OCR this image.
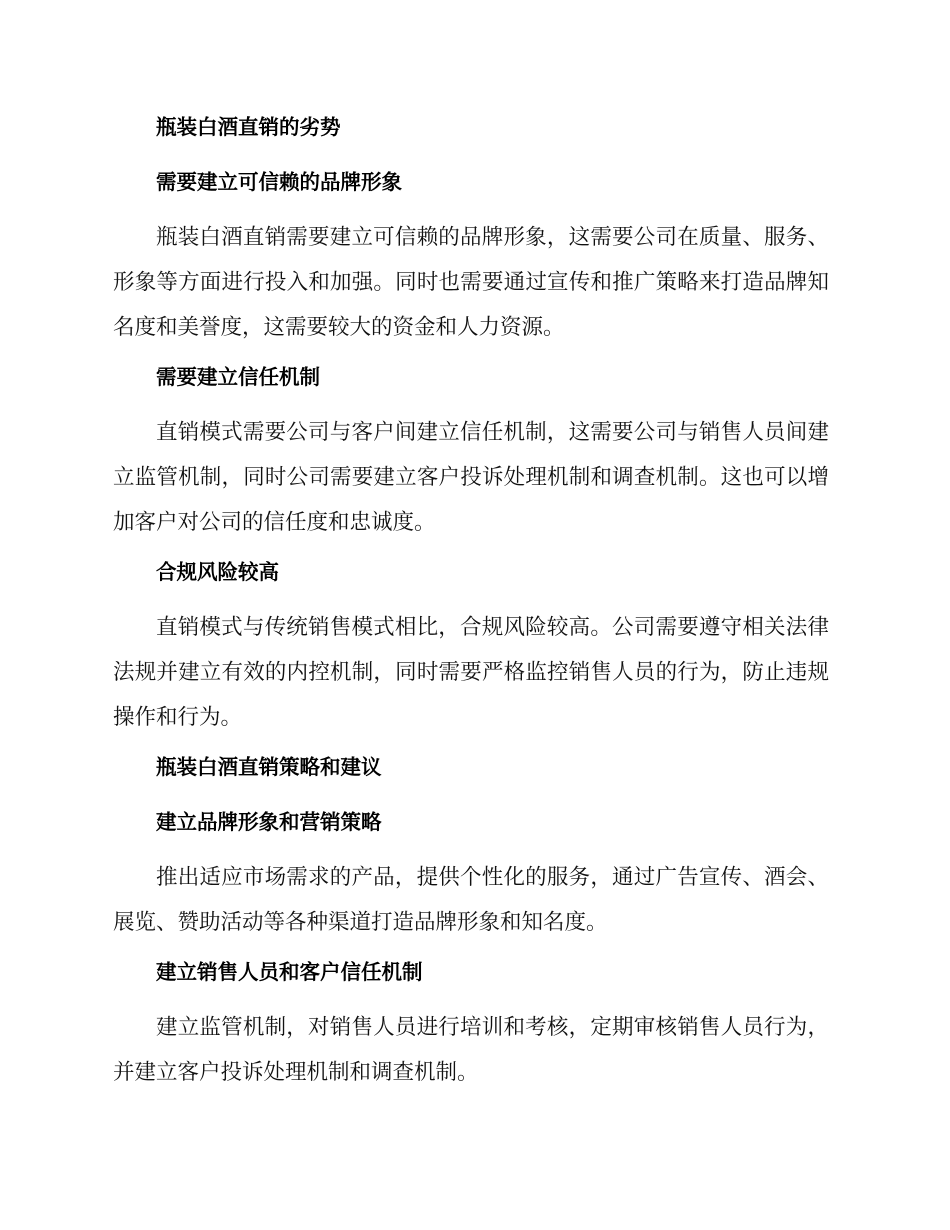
瓶装白酒直销的劣势
需要建立可信赖的品牌形象
瓶装白酒直销需要建立可信赖的品牌形象，这需要公司在质量、服务、
形象等方面进行投入和加强。同时也需要通过宣传和推广策略来打造品牌知
名度和美誉度，这需要较大的资金和人力资源。
需要建立信任机制
直销模式需要公司与客户间建立信任机制，这需要公司与销售人员间建
立监管机制，同时公司需要建立客户投诉处理机制和调查机制。这也可以增
加客户对公司的信任度和忠诚度。
合规风险较高
直销模式与传统销售模式相比，合规风险较高。公司需要遵守相关法律
法规并建立有效的内控机制，同时需要严格监控销售人员的行为，防止违规
操作和行为。
瓶装白酒直销策略和建议
建立品牌形象和营销策略
推出适应市场需求的产品，提供个性化的服务，通过广告宣传、酒会、
展览、赞助活动等各种渠道打造品牌形象和知名度。
建立销售人员和客户信任机制
建立监管机制，对销售人员进行培训和考核，定期审核销售人员行为，
并建立客户投诉处理机制和调查机制。
